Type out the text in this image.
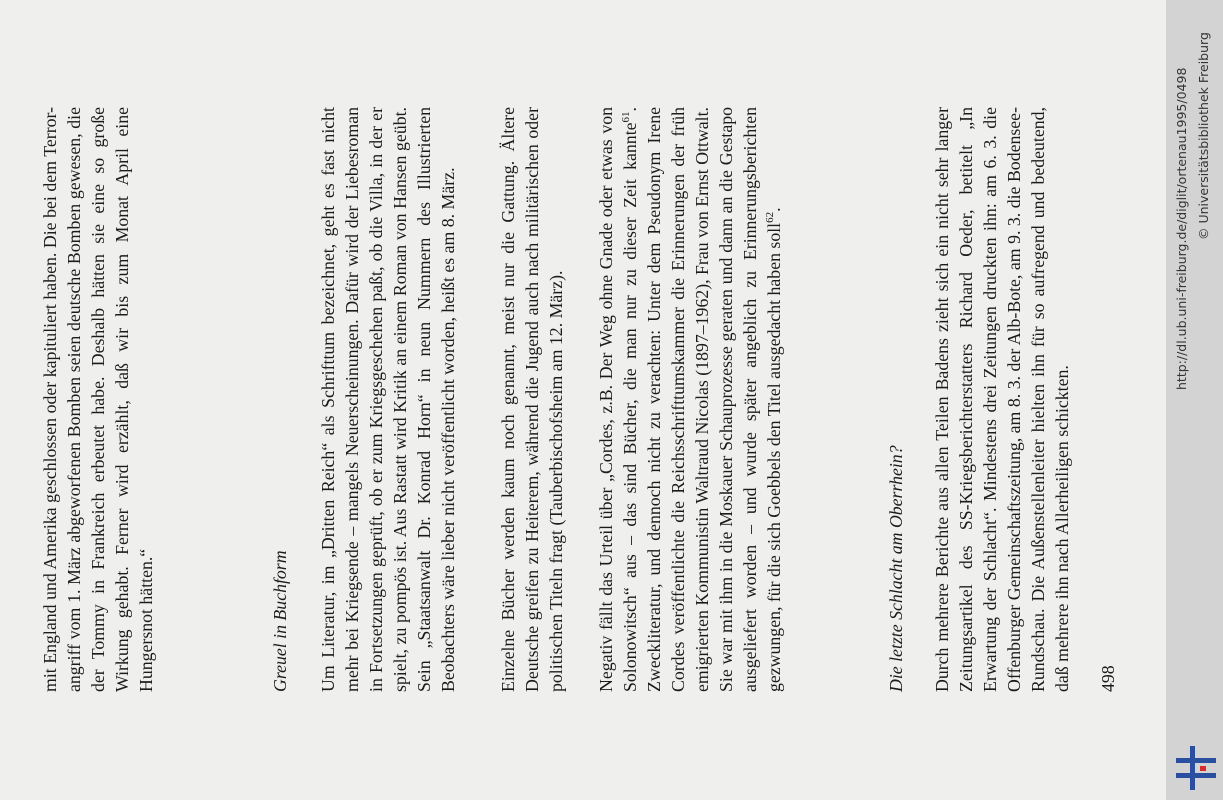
mit England und Amerika geschlossen oder kapituliert haben. Die bei dem Terror-angriff vom 1. März abgeworfenen Bomben seien deutsche Bomben gewesen, die der Tommy in Frankreich erbeutet habe. Deshalb hätten sie eine so große Wirkung gehabt. Ferner wird erzählt, daß wir bis zum Monat April eine Hungersnot hätten.“	Greuel in Buchform Um Literatur, im „Dritten Reich“ als Schrifttum bezeichnet, geht es fast nicht mehr bei Kriegsende – mangels Neuerscheinungen. Dafür wird der Liebesroman in Fortsetzungen geprüft, ob er zum Kriegsgeschehen paßt, ob die Villa, in der er spielt, zu pompös ist. Aus Rastatt wird Kritik an einem Roman von Hansen geübt. Sein „Staatsanwalt Dr. Konrad Horn“ in neun Nummern des Illustrierten Beobachters wäre lieber nicht veröffentlicht worden, heißt es am 8. März. Einzelne Bücher werden kaum noch genannt, meist nur die Gattung. Ältere Deutsche greifen zu Heiterem, während die Jugend auch nach militärischen oder politischen Titeln fragt (Tauberbischofsheim am 12. März). Negativ fällt das Urteil über „Cordes, z.B. Der Weg ohne Gnade oder etwas von Solonowitsch“ aus – das sind Bücher, die man nur zu dieser Zeit kannte$^{61}$. Zweckliteratur, und dennoch nicht zu verachten: Unter dem Pseudonym Irene Cordes veröffentlichte die Reichsschrifttumskammer die Erinnerungen der früh emigrierten Kommunistin Waltraud Nicolas (1897–1962), Frau von Ernst Ottwalt. Sie war mit ihm in die Moskauer Schauprozesse geraten und dann an die Gestapo ausgeliefert worden – und wurde später angeblich zu Erinnerungsberichten gezwungen, für die sich Goebbels den Titel ausgedacht haben soll$^{62}$.

Die letzte Schlacht am Oberrhein? Durch mehrere Berichte aus allen Teilen Badens zieht sich ein nicht sehr langer Zeitungsartikel des SS-Kriegsberichterstatters Richard Oeder, betitelt „In Erwartung der Schlacht“. Mindestens drei Zeitungen druckten ihn: am 6. 3. die Offenburger Gemeinschaftszeitung, am 8. 3. der Alb-Bote, am 9. 3. die Bodensee-Rundschau. Die Außenstellenleiter hielten ihn für so aufregend und bedeutend, daß mehrere ihn nach Allerheiligen schickten. 498
http://dl.ub.uni-freiburg.de/diglit/ortenau1995/0498 © Universitätsbibliothek Freiburg
